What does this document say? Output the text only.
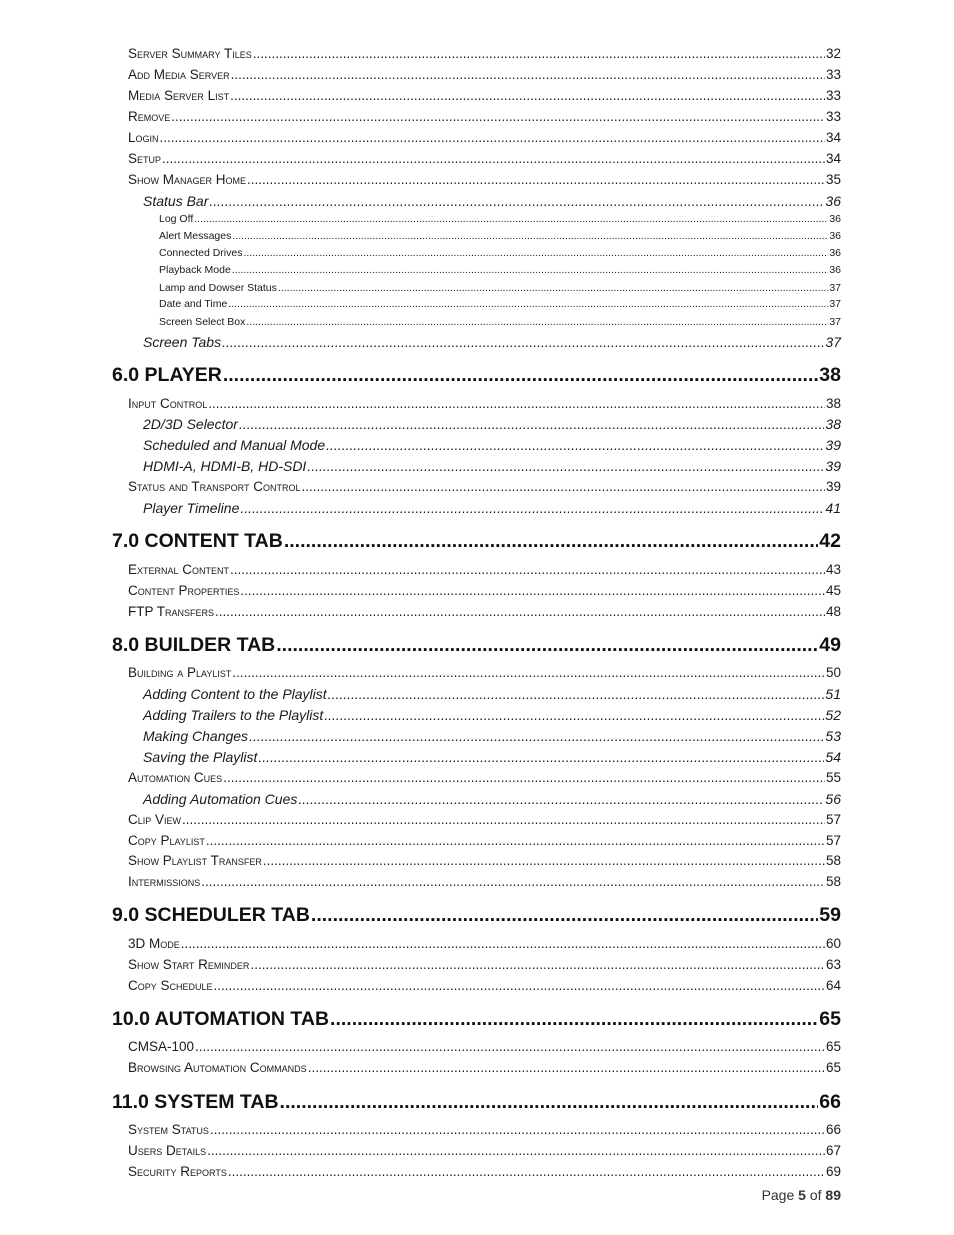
Server Summary Tiles .....	32
Add Media Server .....	33
Media Server List .....	33
Remove .....	33
Login .....	34
Setup .....	34
Show Manager Home .....	35
Status Bar .....	36
Log Off .....	36
Alert Messages .....	36
Connected Drives .....	36
Playback Mode .....	36
Lamp and Dowser Status .....	37
Date and Time .....	37
Screen Select Box .....	37
Screen Tabs .....	37
6.0 PLAYER .....	38
Input Control .....	38
2D/3D Selector .....	38
Scheduled and Manual Mode .....	39
HDMI-A, HDMI-B, HD-SDI .....	39
Status and Transport Control .....	39
Player Timeline .....	41
7.0 CONTENT TAB .....	42
External Content .....	43
Content Properties .....	45
FTP Transfers .....	48
8.0 BUILDER TAB .....	49
Building a Playlist .....	50
Adding Content to the Playlist .....	51
Adding Trailers to the Playlist .....	52
Making Changes .....	53
Saving the Playlist .....	54
Automation Cues .....	55
Adding Automation Cues .....	56
Clip View .....	57
Copy Playlist .....	57
Show Playlist Transfer .....	58
Intermissions .....	58
9.0 SCHEDULER TAB .....	59
3D Mode .....	60
Show Start Reminder .....	63
Copy Schedule .....	64
10.0 AUTOMATION TAB .....	65
CMSA-100 .....	65
Browsing Automation Commands .....	65
11.0 SYSTEM TAB .....	66
System Status .....	66
Users Details .....	67
Security Reports .....	69
Page 5 of 89
